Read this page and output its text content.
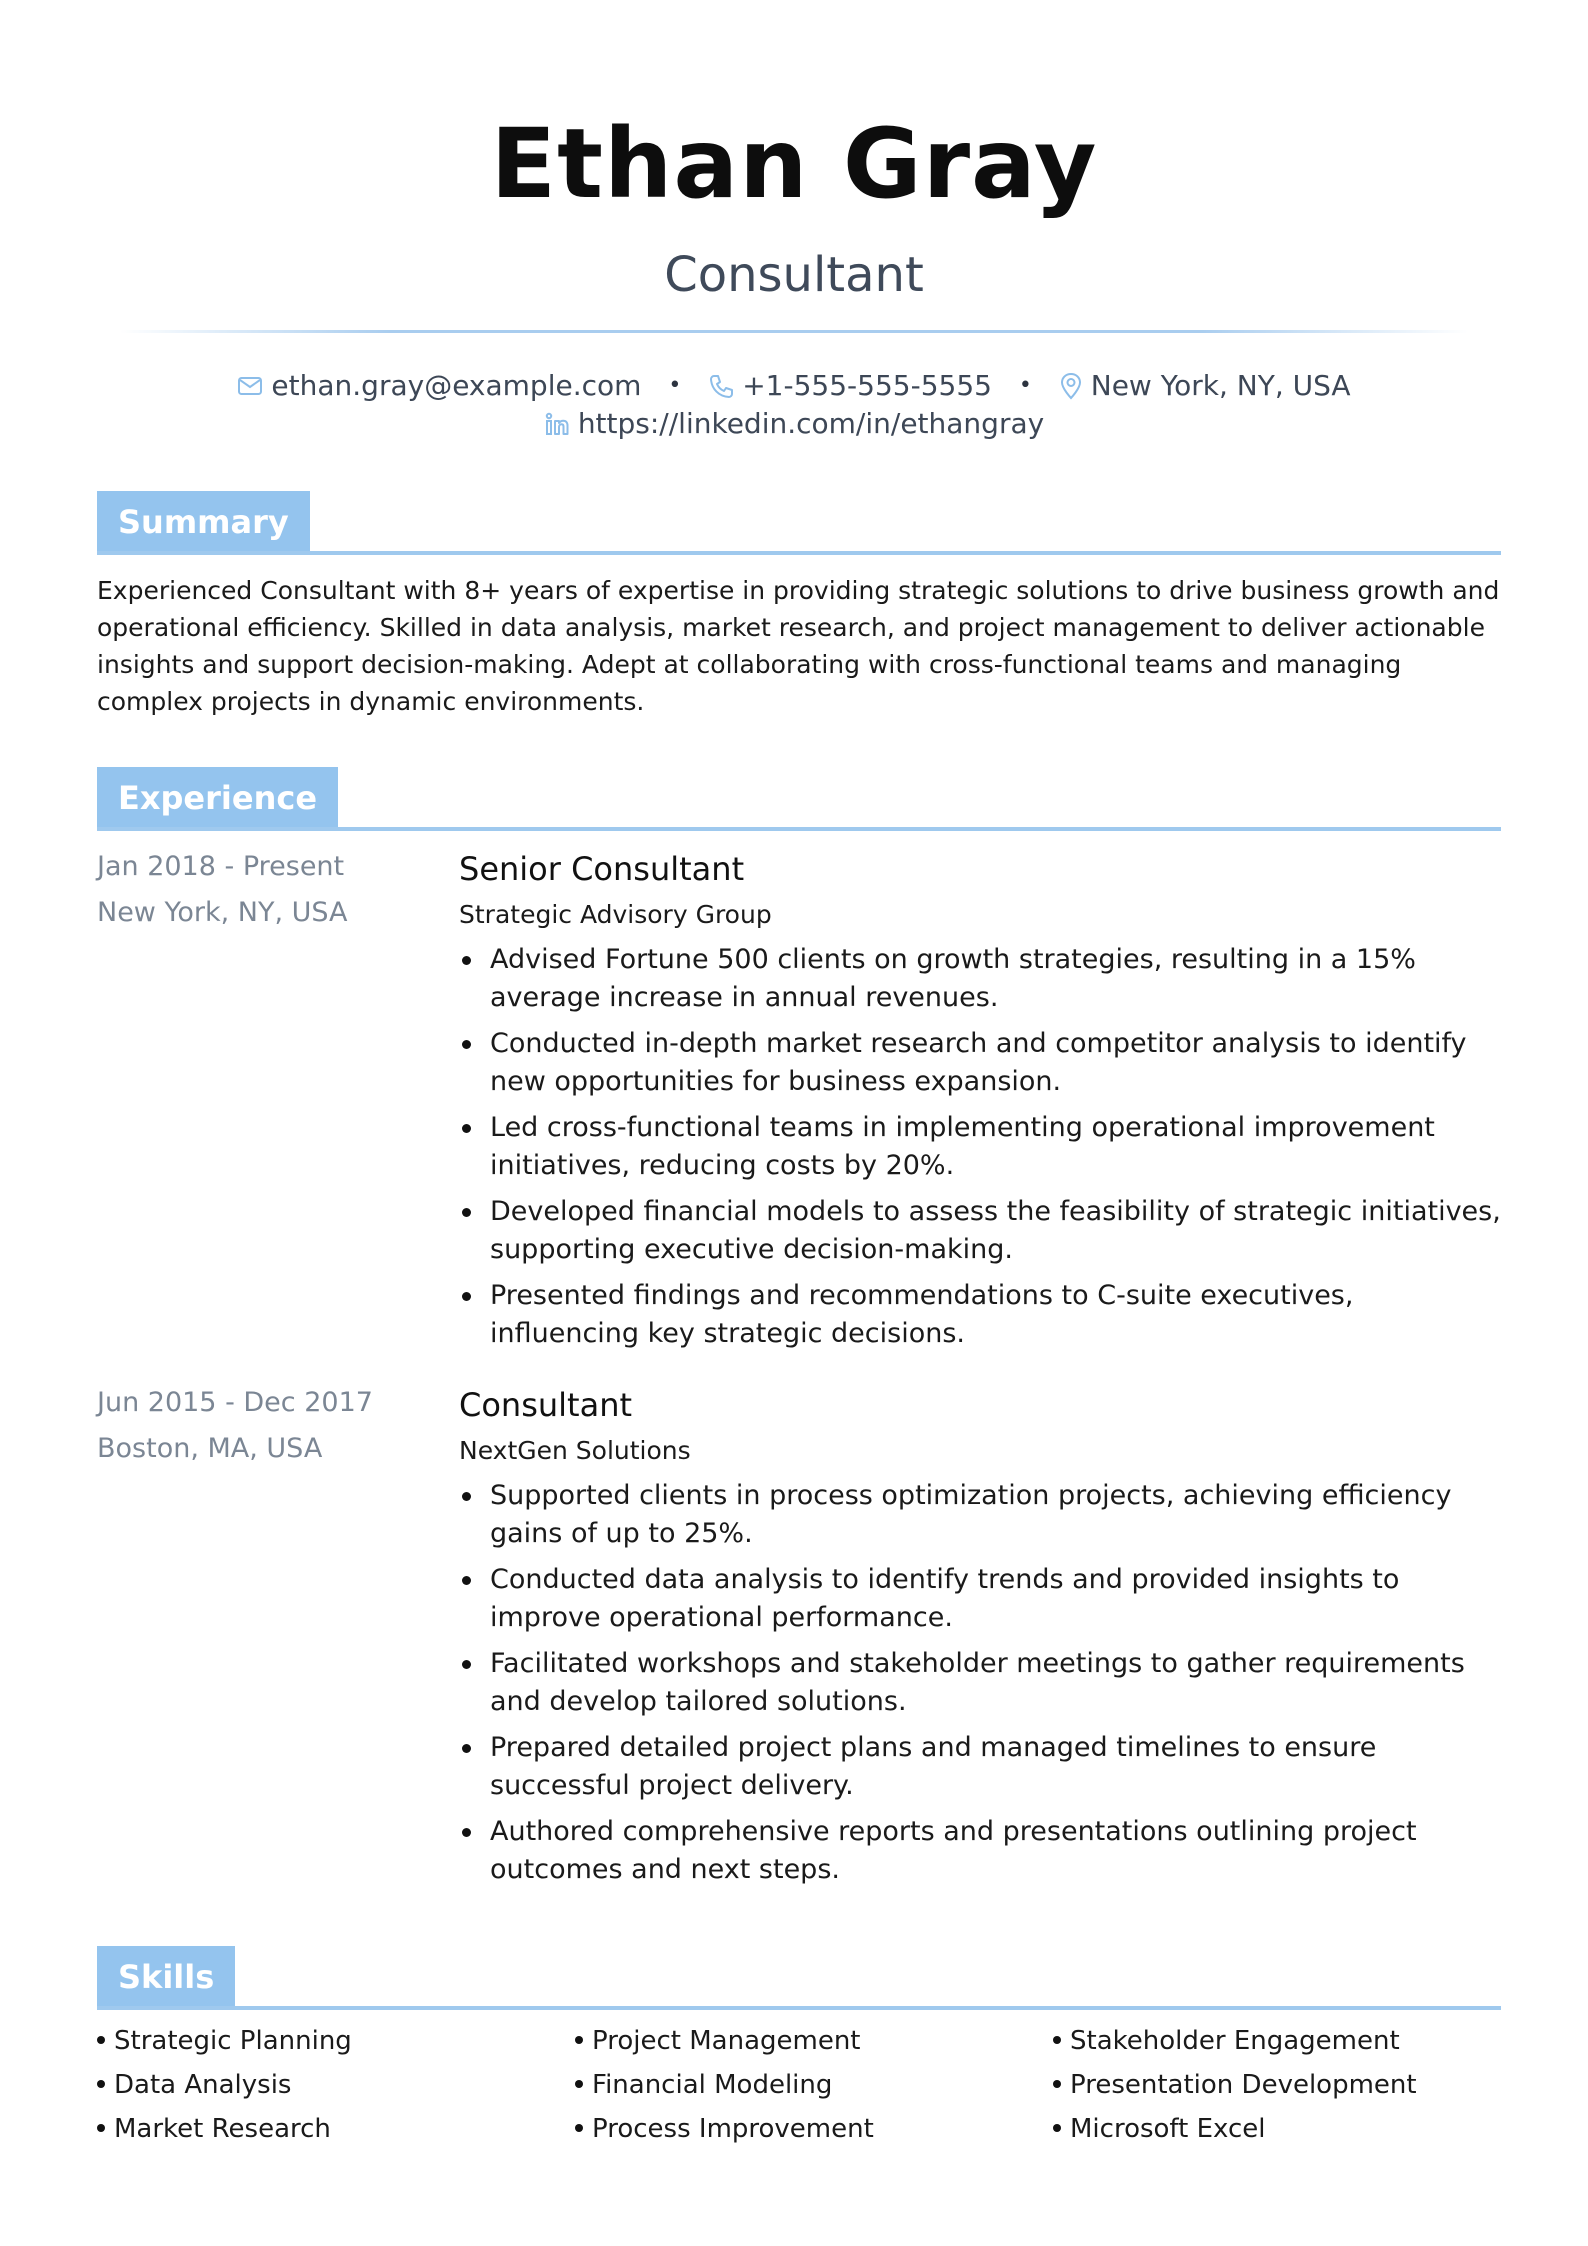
Ethan Gray
Consultant
ethan.gray@example.com • +1-555-555-5555 • New York, NY, USA
https://linkedin.com/in/ethangray
Summary
Experienced Consultant with 8+ years of expertise in providing strategic solutions to drive business growth and operational efficiency. Skilled in data analysis, market research, and project management to deliver actionable insights and support decision-making. Adept at collaborating with cross-functional teams and managing complex projects in dynamic environments.
Experience
Jan 2018 - Present
New York, NY, USA
Senior Consultant
Strategic Advisory Group
Advised Fortune 500 clients on growth strategies, resulting in a 15% average increase in annual revenues.
Conducted in-depth market research and competitor analysis to identify new opportunities for business expansion.
Led cross-functional teams in implementing operational improvement initiatives, reducing costs by 20%.
Developed financial models to assess the feasibility of strategic initiatives, supporting executive decision-making.
Presented findings and recommendations to C-suite executives, influencing key strategic decisions.
Jun 2015 - Dec 2017
Boston, MA, USA
Consultant
NextGen Solutions
Supported clients in process optimization projects, achieving efficiency gains of up to 25%.
Conducted data analysis to identify trends and provided insights to improve operational performance.
Facilitated workshops and stakeholder meetings to gather requirements and develop tailored solutions.
Prepared detailed project plans and managed timelines to ensure successful project delivery.
Authored comprehensive reports and presentations outlining project outcomes and next steps.
Skills
Strategic Planning	Project Management	Stakeholder Engagement
Data Analysis	Financial Modeling	Presentation Development
Market Research	Process Improvement	Microsoft Excel
